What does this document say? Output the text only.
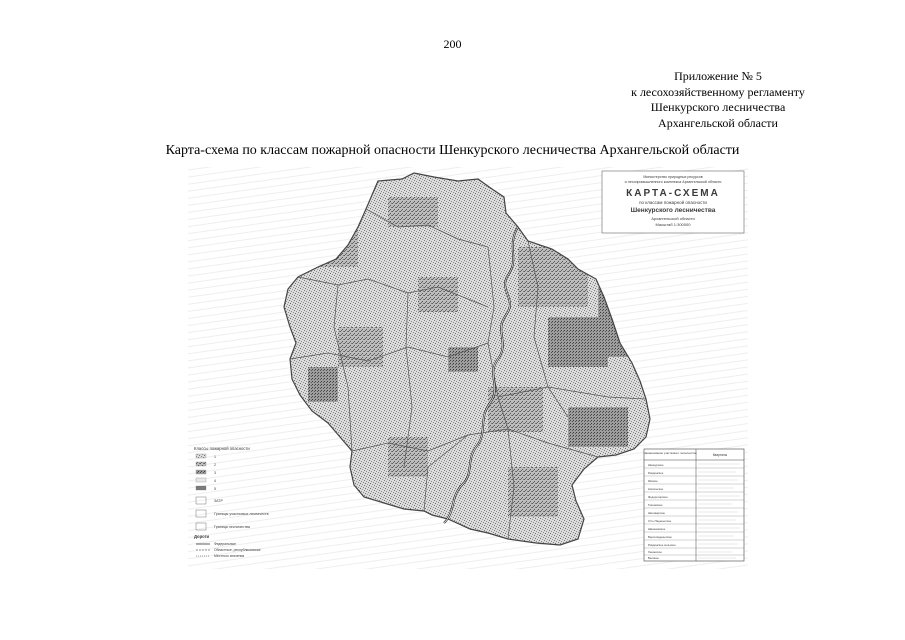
200
Приложение № 5
к лесохозяйственному регламенту
Шенкурского лесничества
Архангельской области
Карта-схема по классам пожарной опасности Шенкурского лесничества Архангельской области
Министерство природных ресурсов
и лесопромышленного комплекса Архангельской области
КАРТА-СХЕМА
по классам пожарной опасности
Шенкурского лесничества
Архангельской области
Масштаб 1:300000
Классы пожарной опасности
1
2
3
4
5
ЗАТР
Границы участковых лесничеств
Граница лесничества
Дороги
Федеральные
Областные, республиканские
Местного значения
Наименование участкового лесничества	Кварталы
Шенкурское
Ровдинское
Ямское
Никольское
Федорогорское
Ткачевское
Шеговарское
Усть-Паденьгское
Шахановское
Верхопаденьгское
Ровдинское сельское
Ленинское
Великое
